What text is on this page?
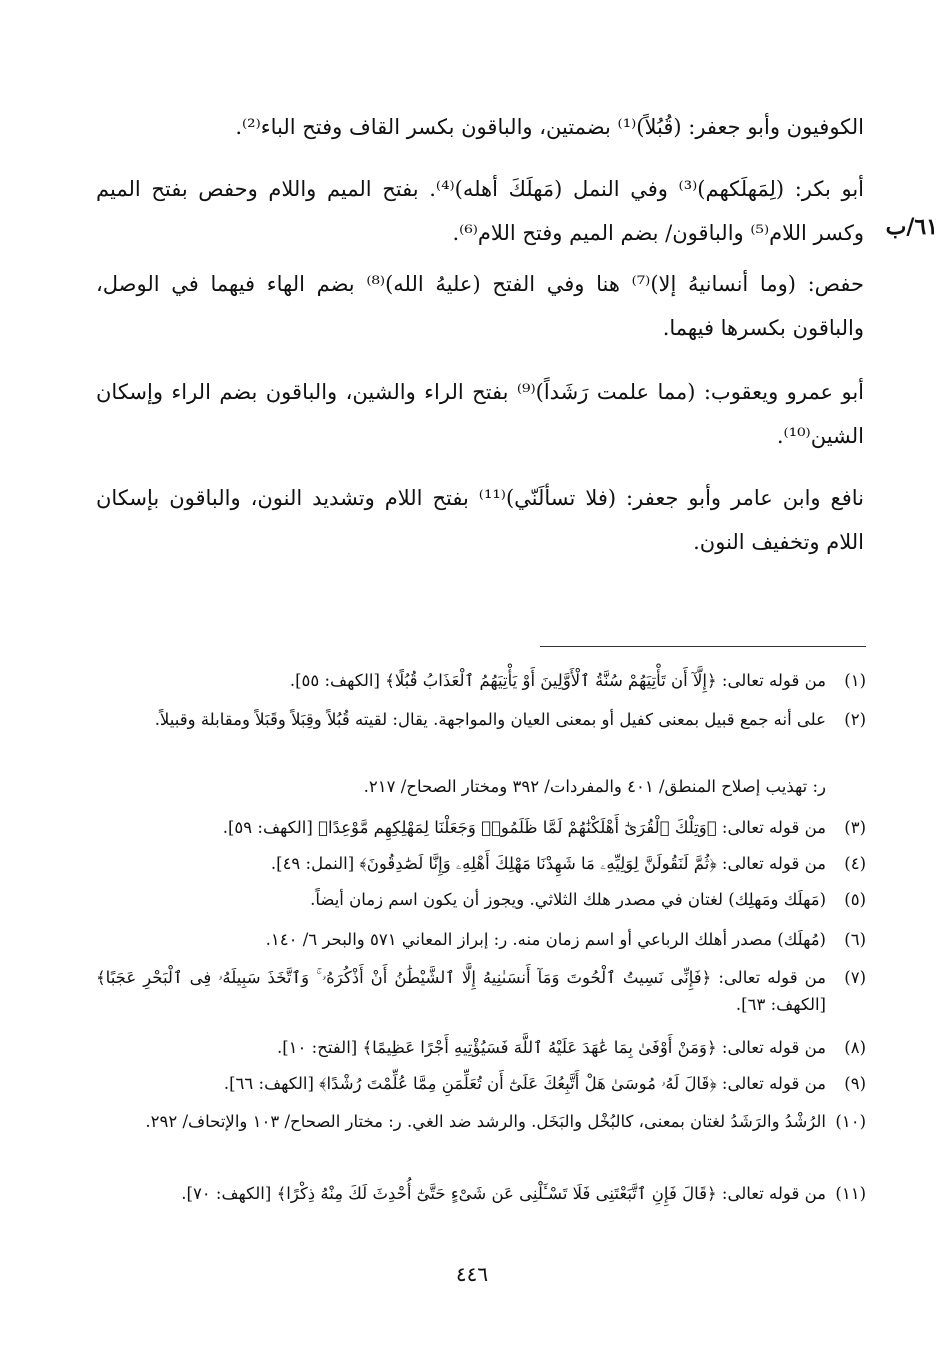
٦١/ب
الكوفيون وأبو جعفر: (قُبُلاً)⁽¹⁾ بضمتين، والباقون بكسر القاف وفتح الباء⁽²⁾.
أبو بكر: (لِمَهلَكهم)⁽³⁾ وفي النمل (مَهلَكَ أهله)⁽⁴⁾. بفتح الميم واللام وحفص بفتح الميم وكسر اللام⁽⁵⁾ والباقون/ بضم الميم وفتح اللام⁽⁶⁾.
حفص: (وما أنسانيهُ إلا)⁽⁷⁾ هنا وفي الفتح (عليهُ الله)⁽⁸⁾ بضم الهاء فيهما في الوصل، والباقون بكسرها فيهما.
أبو عمرو ويعقوب: (مما علمت رَشَداً)⁽⁹⁾ بفتح الراء والشين، والباقون بضم الراء وإسكان الشين⁽¹⁰⁾.
نافع وابن عامر وأبو جعفر: (فلا تسألَنّي)⁽¹¹⁾ بفتح اللام وتشديد النون، والباقون بإسكان اللام وتخفيف النون.
(١)
من قوله تعالى: ﴿إِلَّآ أَن تَأْتِيَهُمْ سُنَّةُ ٱلْأَوَّلِينَ أَوْ يَأْتِيَهُمُ ٱلْعَذَابُ قُبُلًا﴾ [الكهف: ٥٥].
(٢)
على أنه جمع قبيل بمعنى كفيل أو بمعنى العيان والمواجهة. يقال: لقيته قُبُلاً وقِبَلاً وقَبَلاً ومقابلة وقبيلاً.
ر: تهذيب إصلاح المنطق/ ٤٠١ والمفردات/ ٣٩٢ ومختار الصحاح/ ٢١٧.
(٣)
من قوله تعالى: ﴿وَتِلْكَ ٱلْقُرَىٰٓ أَهْلَكْنَٰهُمْ لَمَّا ظَلَمُوا۟ وَجَعَلْنَا لِمَهْلِكِهِم مَّوْعِدًا﴾ [الكهف: ٥٩].
(٤)
من قوله تعالى: ﴿ثُمَّ لَنَقُولَنَّ لِوَلِيِّهِۦ مَا شَهِدْنَا مَهْلِكَ أَهْلِهِۦ وَإِنَّا لَصَٰدِقُونَ﴾ [النمل: ٤٩].
(٥)
(مَهلَك ومَهلِك) لغتان في مصدر هلك الثلاثي. ويجوز أن يكون اسم زمان أيضاً.
(٦)
(مُهلَك) مصدر أهلك الرباعي أو اسم زمان منه. ر: إبراز المعاني ٥٧١ والبحر ٦/ ١٤٠.
(٧)
من قوله تعالى: ﴿فَإِنِّى نَسِيتُ ٱلْحُوتَ وَمَآ أَنسَىٰنِيهُ إِلَّا ٱلشَّيْطَٰنُ أَنْ أَذْكُرَهُۥ ۚ وَٱتَّخَذَ سَبِيلَهُۥ فِى ٱلْبَحْرِ عَجَبًا﴾ [الكهف: ٦٣].
(٨)
من قوله تعالى: ﴿وَمَنْ أَوْفَىٰ بِمَا عَٰهَدَ عَلَيْهُ ٱللَّهَ فَسَيُؤْتِيهِ أَجْرًا عَظِيمًا﴾ [الفتح: ١٠].
(٩)
من قوله تعالى: ﴿قَالَ لَهُۥ مُوسَىٰ هَلْ أَتَّبِعُكَ عَلَىٰٓ أَن تُعَلِّمَنِ مِمَّا عُلِّمْتَ رُشْدًا﴾ [الكهف: ٦٦].
(١٠)
الرُشْدُ والرَشَدُ لغتان بمعنى، كالبُخْل والبَخَل. والرشد ضد الغي. ر: مختار الصحاح/ ١٠٣ والإتحاف/ ٢٩٢.
(١١)
من قوله تعالى: ﴿قَالَ فَإِنِ ٱتَّبَعْتَنِى فَلَا تَسْـَٔلْنِى عَن شَىْءٍ حَتَّىٰٓ أُحْدِثَ لَكَ مِنْهُ ذِكْرًا﴾ [الكهف: ٧٠].
٤٤٦
